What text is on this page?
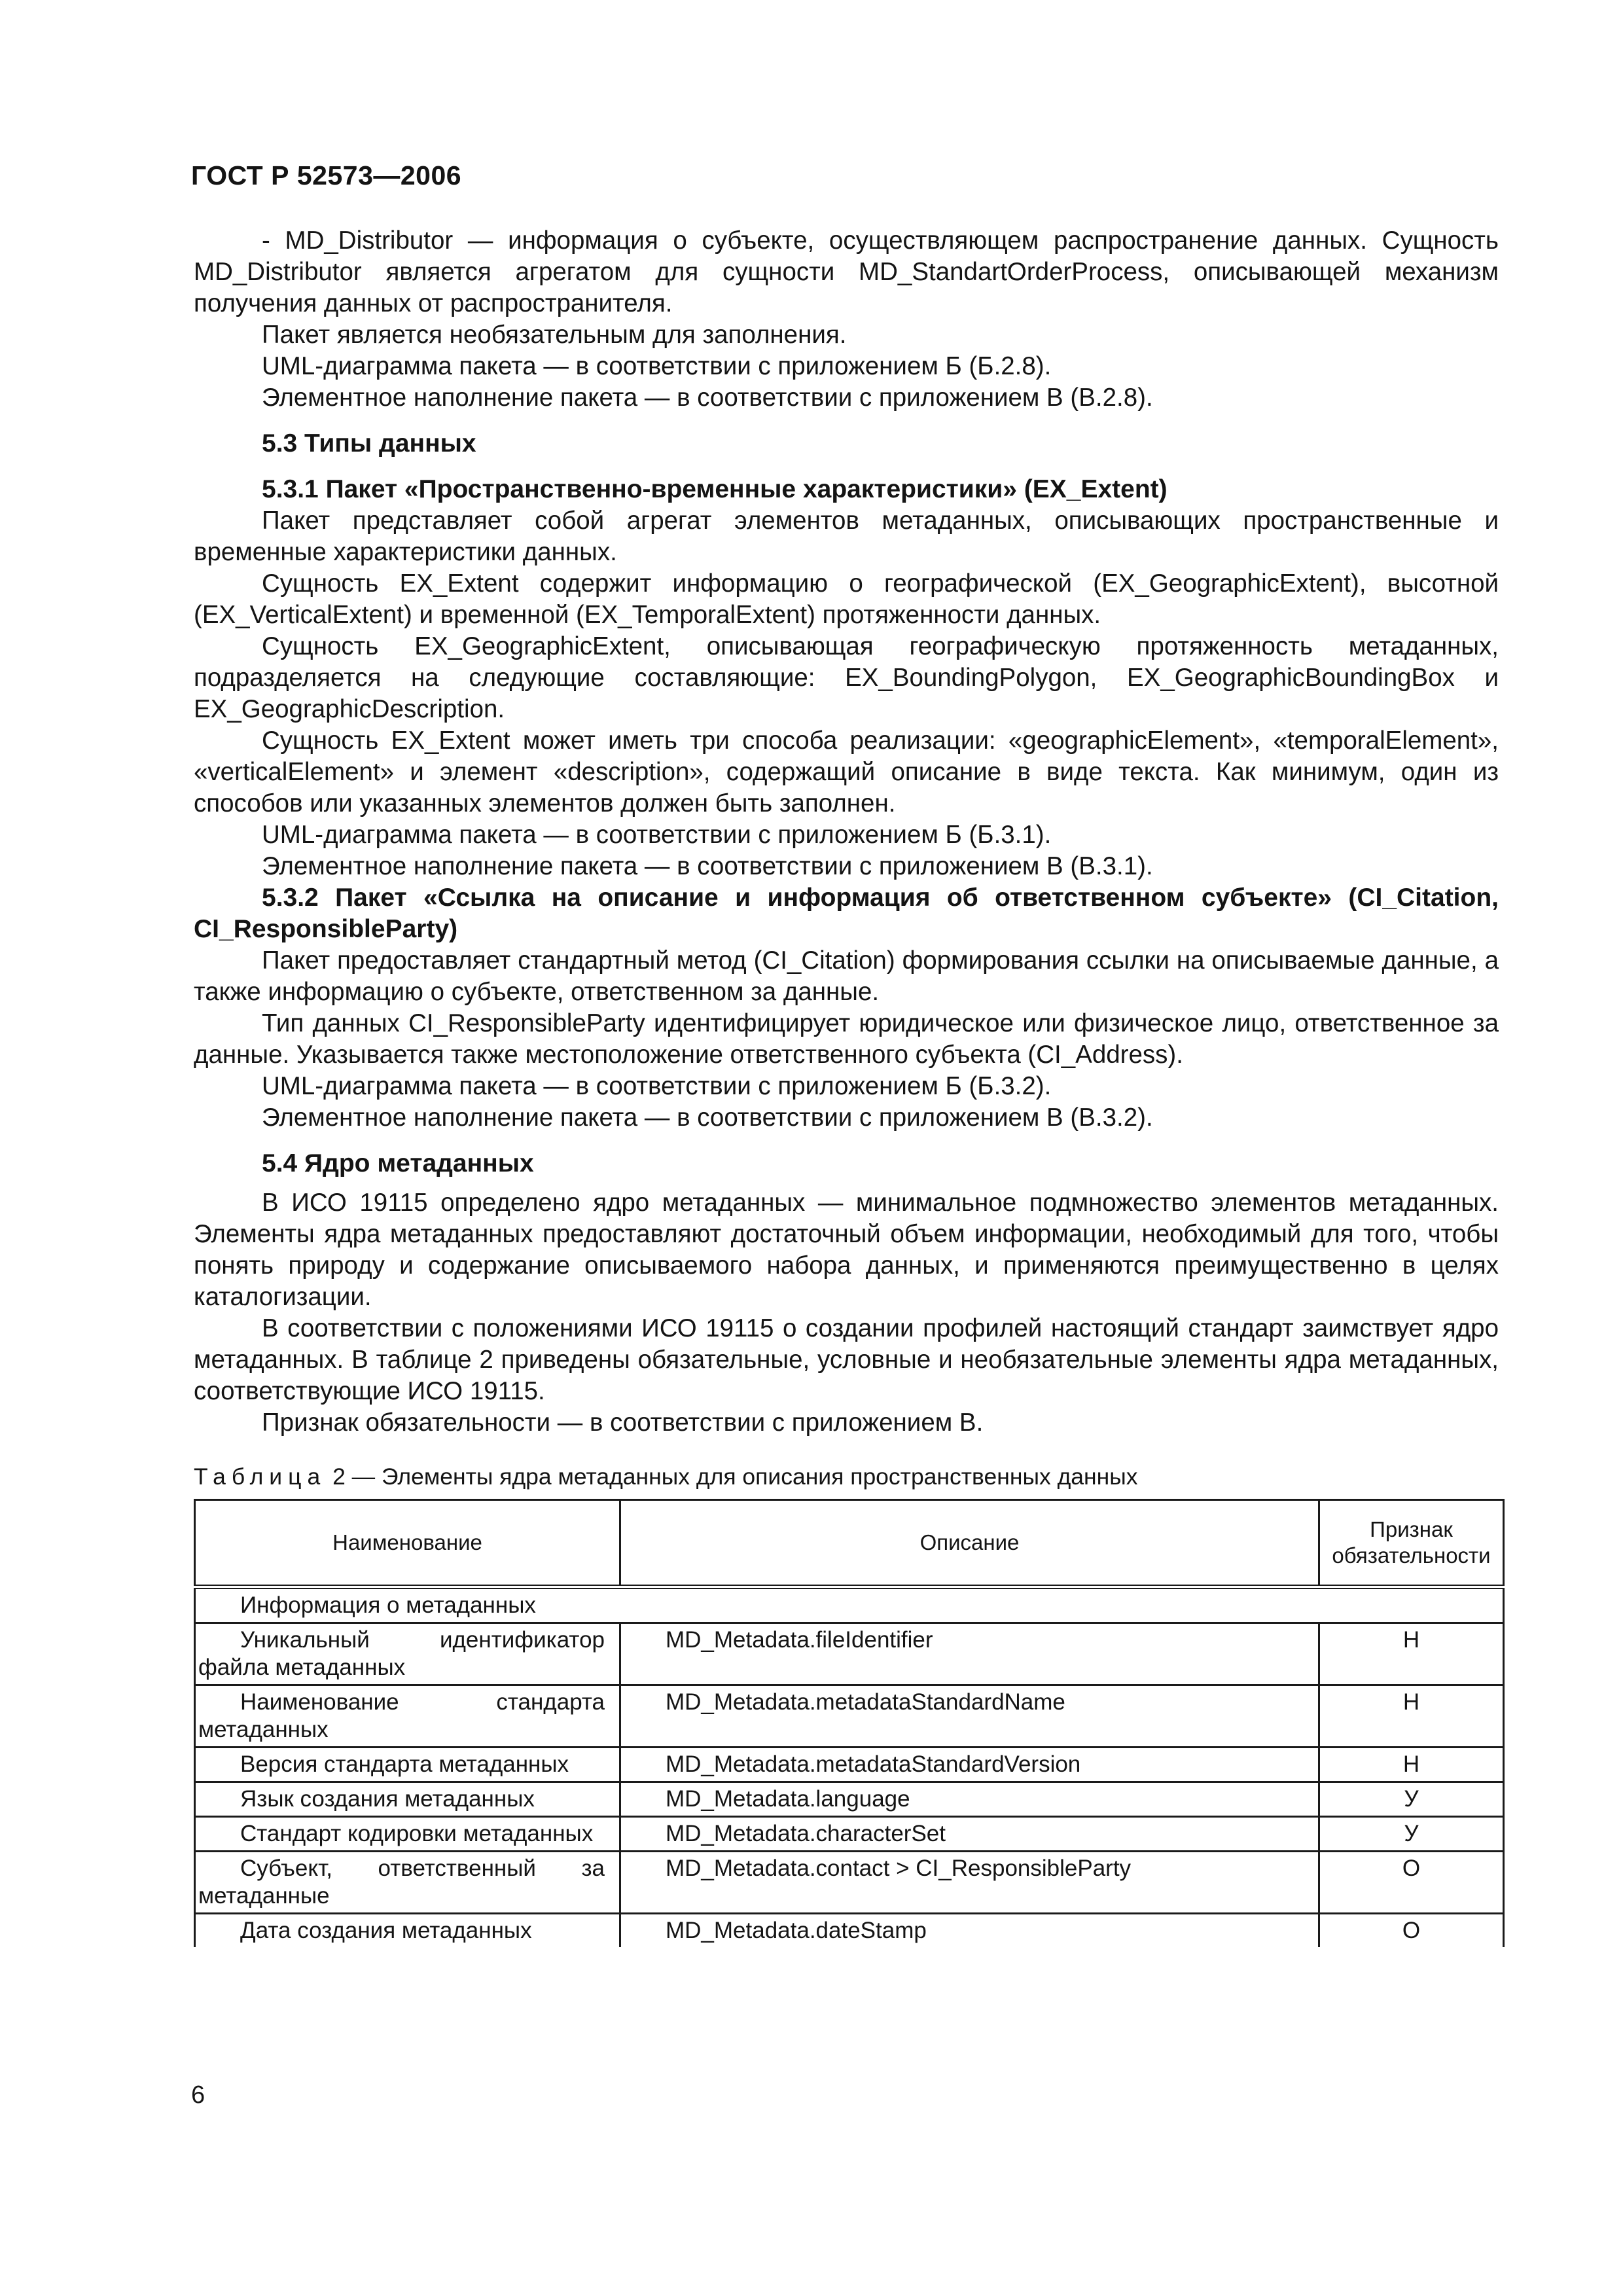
ГОСТ Р 52573—2006

- MD_Distributor — информация о субъекте, осуществляющем распространение данных. Сущность MD_Distributor является агрегатом для сущности MD_StandartOrderProcess, описывающей механизм получения данных от распространителя.

Пакет является необязательным для заполнения.

UML-диаграмма пакета — в соответствии с приложением Б (Б.2.8).

Элементное наполнение пакета — в соответствии с приложением В (В.2.8).

5.3 Типы данных

5.3.1 Пакет «Пространственно-временные характеристики» (EX_Extent)

Пакет представляет собой агрегат элементов метаданных, описывающих пространственные и временные характеристики данных.

Сущность EX_Extent содержит информацию о географической (EX_GeographicExtent), высотной (EX_VerticalExtent) и временной (EX_TemporalExtent) протяженности данных.

Сущность EX_GeographicExtent, описывающая географическую протяженность метаданных, подразделяется на следующие составляющие: EX_BoundingPolygon, EX_GeographicBoundingBox и EX_GeographicDescription.

Сущность EX_Extent может иметь три способа реализации: «geographicElement», «temporalElement», «verticalElement» и элемент «description», содержащий описание в виде текста. Как минимум, один из способов или указанных элементов должен быть заполнен.

UML-диаграмма пакета — в соответствии с приложением Б (Б.3.1).

Элементное наполнение пакета — в соответствии с приложением В (В.3.1).

5.3.2 Пакет «Ссылка на описание и информация об ответственном субъекте» (CI_Citation, CI_ResponsibleParty)

Пакет предоставляет стандартный метод (CI_Citation) формирования ссылки на описываемые данные, а также информацию о субъекте, ответственном за данные.

Тип данных CI_ResponsibleParty идентифицирует юридическое или физическое лицо, ответственное за данные. Указывается также местоположение ответственного субъекта (CI_Address).

UML-диаграмма пакета — в соответствии с приложением Б (Б.3.2).

Элементное наполнение пакета — в соответствии с приложением В (В.3.2).

5.4 Ядро метаданных

В ИСО 19115 определено ядро метаданных — минимальное подмножество элементов метаданных. Элементы ядра метаданных предоставляют достаточный объем информации, необходимый для того, чтобы понять природу и содержание описываемого набора данных, и применяются преимущественно в целях каталогизации.

В соответствии с положениями ИСО 19115 о создании профилей настоящий стандарт заимствует ядро метаданных. В таблице 2 приведены обязательные, условные и необязательные элементы ядра метаданных, соответствующие ИСО 19115.

Признак обязательности — в соответствии с приложением В.

Таблица 2 — Элементы ядра метаданных для описания пространственных данных
Наименование	Описание	Признак обязательности
Информация о метаданных		

Уникальный идентификатор файла метаданных	MD_Metadata.fileIdentifier	Н

Наименование стандарта метаданных	MD_Metadata.metadataStandardName	Н

Версия стандарта метаданных	MD_Metadata.metadataStandardVersion	Н

Язык создания метаданных	MD_Metadata.language	У

Стандарт кодировки метаданных	MD_Metadata.characterSet	У

Субъект, ответственный за метаданные	MD_Metadata.contact > CI_ResponsibleParty	О

Дата создания метаданных	MD_Metadata.dateStamp	О
6
